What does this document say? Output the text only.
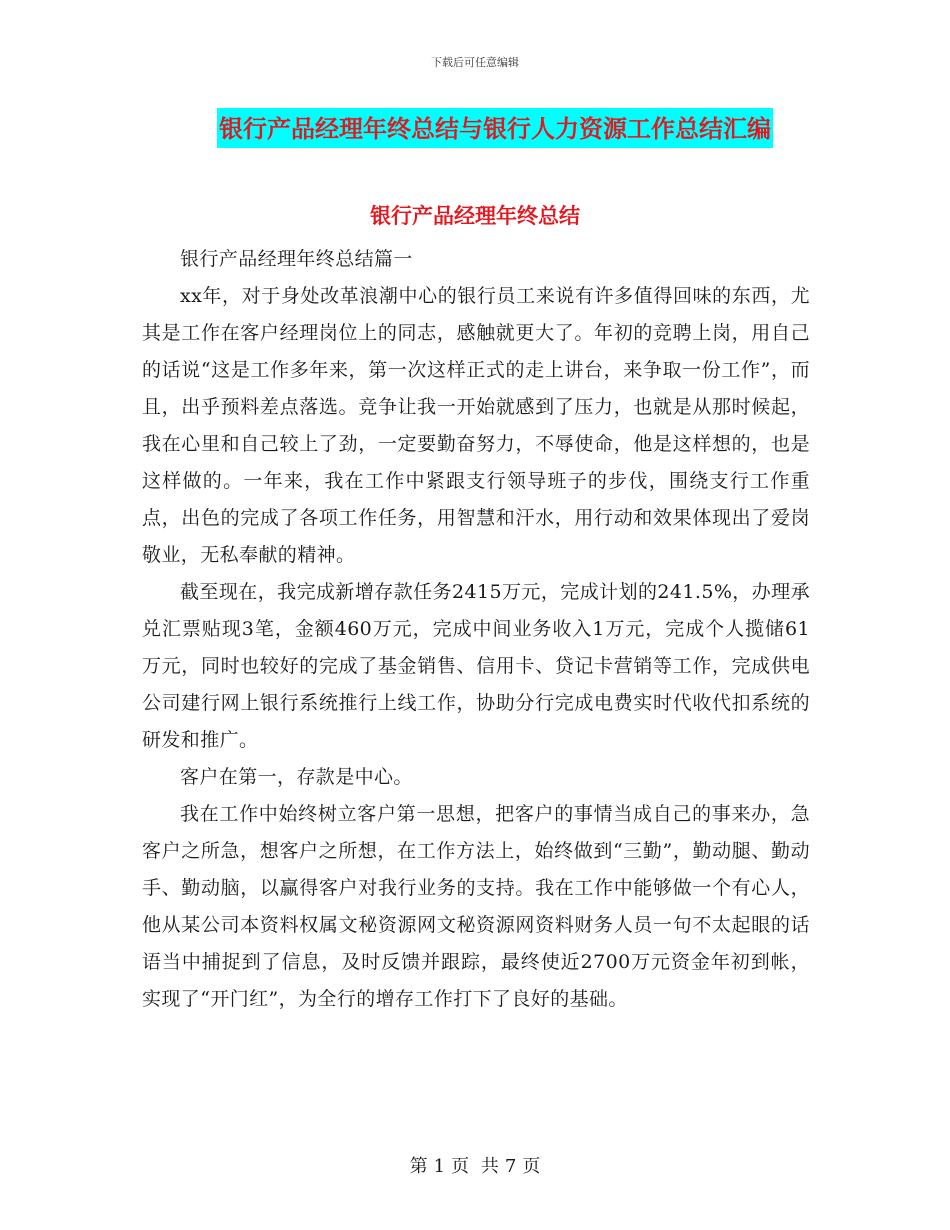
下载后可任意编辑
银行产品经理年终总结与银行人力资源工作总结汇编
银行产品经理年终总结

银行产品经理年终总结篇一

xx年，对于身处改革浪潮中心的银行员工来说有许多值得回味的东西，尤其是工作在客户经理岗位上的同志，感触就更大了。年初的竞聘上岗，用自己的话说“这是工作多年来，第一次这样正式的走上讲台，来争取一份工作”，而且，出乎预料差点落选。竞争让我一开始就感到了压力，也就是从那时候起，我在心里和自己较上了劲，一定要勤奋努力，不辱使命，他是这样想的，也是这样做的。一年来，我在工作中紧跟支行领导班子的步伐，围绕支行工作重点，出色的完成了各项工作任务，用智慧和汗水，用行动和效果体现出了爱岗敬业，无私奉献的精神。

截至现在，我完成新增存款任务2415万元，完成计划的241.5%，办理承兑汇票贴现3笔，金额460万元，完成中间业务收入1万元，完成个人揽储61万元，同时也较好的完成了基金销售、信用卡、贷记卡营销等工作，完成供电公司建行网上银行系统推行上线工作，协助分行完成电费实时代收代扣系统的研发和推广。

客户在第一，存款是中心。

我在工作中始终树立客户第一思想，把客户的事情当成自己的事来办，急客户之所急，想客户之所想，在工作方法上，始终做到“三勤”，勤动腿、勤动手、勤动脑，以赢得客户对我行业务的支持。我在工作中能够做一个有心人，他从某公司本资料权属文秘资源网文秘资源网资料财务人员一句不太起眼的话语当中捕捉到了信息，及时反馈并跟踪，最终使近2700万元资金年初到帐，实现了“开门红”，为全行的增存工作打下了良好的基础。

第 1 页 共 7 页
